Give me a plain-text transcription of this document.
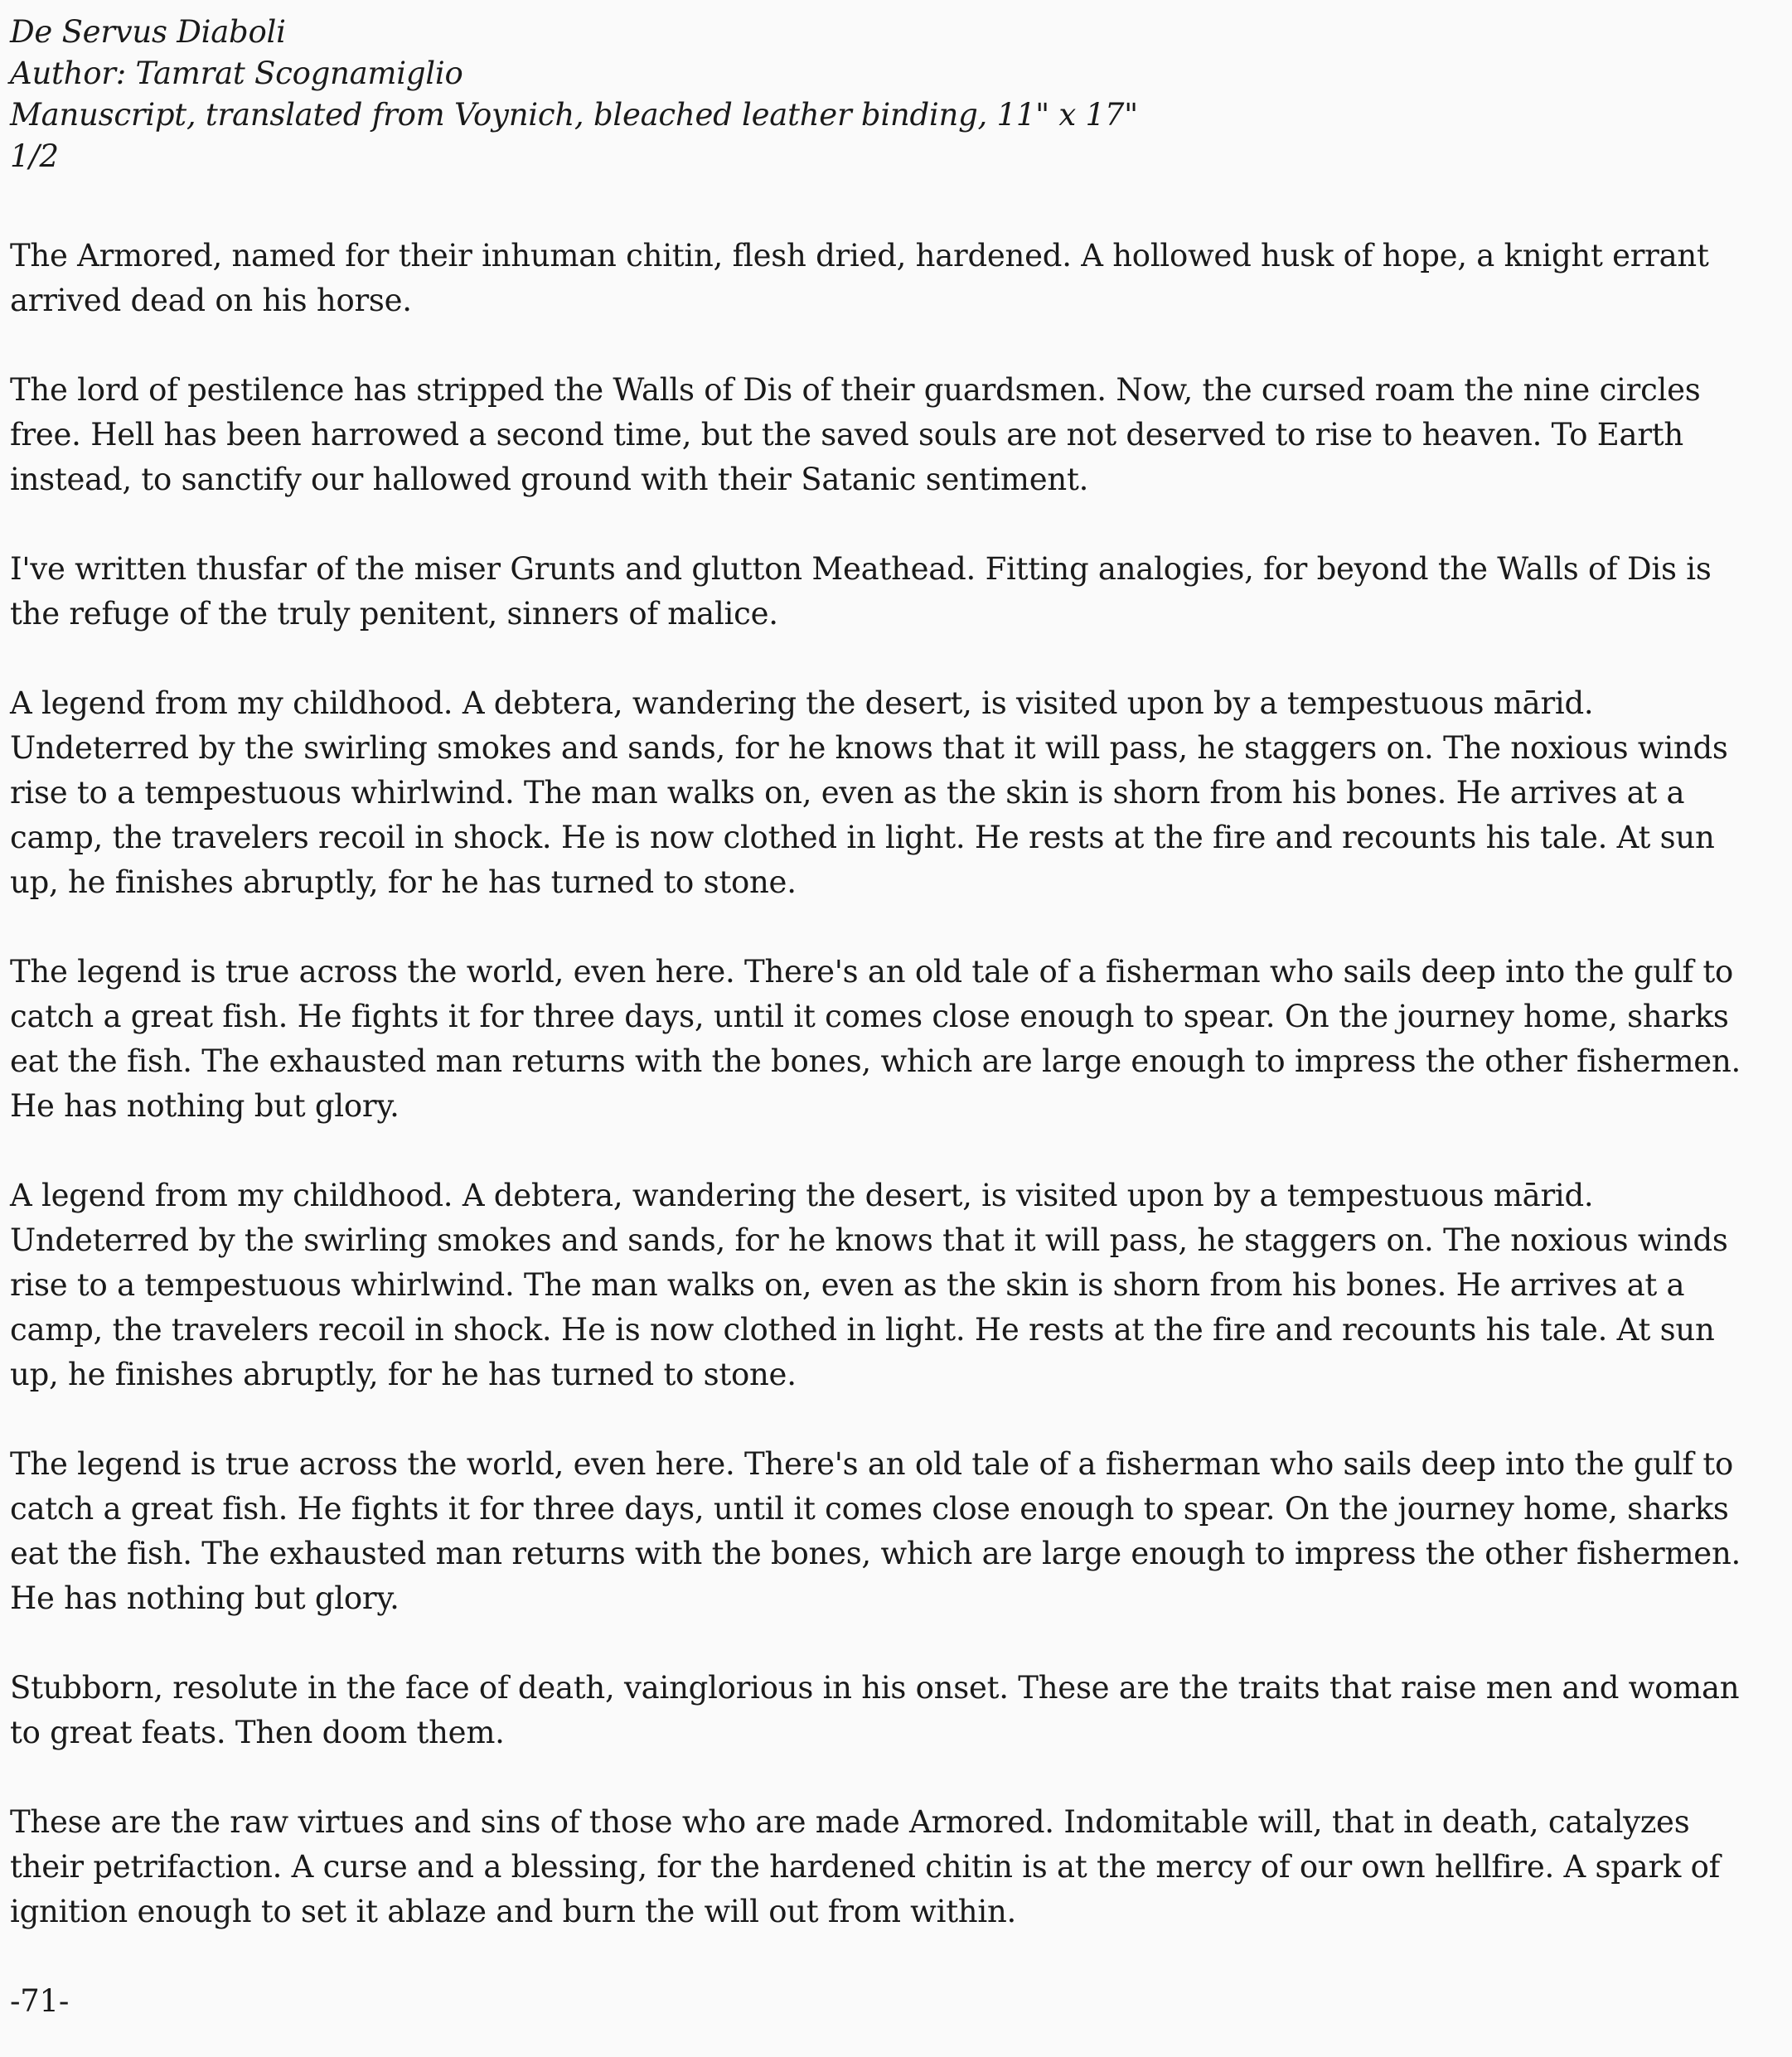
De Servus Diaboli
Author: Tamrat Scognamiglio
Manuscript, translated from Voynich, bleached leather binding, 11" x 17"
1/2

The Armored, named for their inhuman chitin, flesh dried, hardened. A hollowed husk of hope, a knight errant arrived dead on his horse.

The lord of pestilence has stripped the Walls of Dis of their guardsmen. Now, the cursed roam the nine circles free. Hell has been harrowed a second time, but the saved souls are not deserved to rise to heaven. To Earth instead, to sanctify our hallowed ground with their Satanic sentiment.

I've written thusfar of the miser Grunts and glutton Meathead. Fitting analogies, for beyond the Walls of Dis is the refuge of the truly penitent, sinners of malice.

A legend from my childhood. A debtera, wandering the desert, is visited upon by a tempestuous mārid. Undeterred by the swirling smokes and sands, for he knows that it will pass, he staggers on. The noxious winds rise to a tempestuous whirlwind. The man walks on, even as the skin is shorn from his bones. He arrives at a camp, the travelers recoil in shock. He is now clothed in light. He rests at the fire and recounts his tale. At sun up, he finishes abruptly, for he has turned to stone.

The legend is true across the world, even here. There's an old tale of a fisherman who sails deep into the gulf to catch a great fish. He fights it for three days, until it comes close enough to spear. On the journey home, sharks eat the fish. The exhausted man returns with the bones, which are large enough to impress the other fishermen. He has nothing but glory.

A legend from my childhood. A debtera, wandering the desert, is visited upon by a tempestuous mārid. Undeterred by the swirling smokes and sands, for he knows that it will pass, he staggers on. The noxious winds rise to a tempestuous whirlwind. The man walks on, even as the skin is shorn from his bones. He arrives at a camp, the travelers recoil in shock. He is now clothed in light. He rests at the fire and recounts his tale. At sun up, he finishes abruptly, for he has turned to stone.

The legend is true across the world, even here. There's an old tale of a fisherman who sails deep into the gulf to catch a great fish. He fights it for three days, until it comes close enough to spear. On the journey home, sharks eat the fish. The exhausted man returns with the bones, which are large enough to impress the other fishermen. He has nothing but glory.

Stubborn, resolute in the face of death, vainglorious in his onset. These are the traits that raise men and woman to great feats. Then doom them.

These are the raw virtues and sins of those who are made Armored. Indomitable will, that in death, catalyzes their petrifaction. A curse and a blessing, for the hardened chitin is at the mercy of our own hellfire. A spark of ignition enough to set it ablaze and burn the will out from within.

-71-
